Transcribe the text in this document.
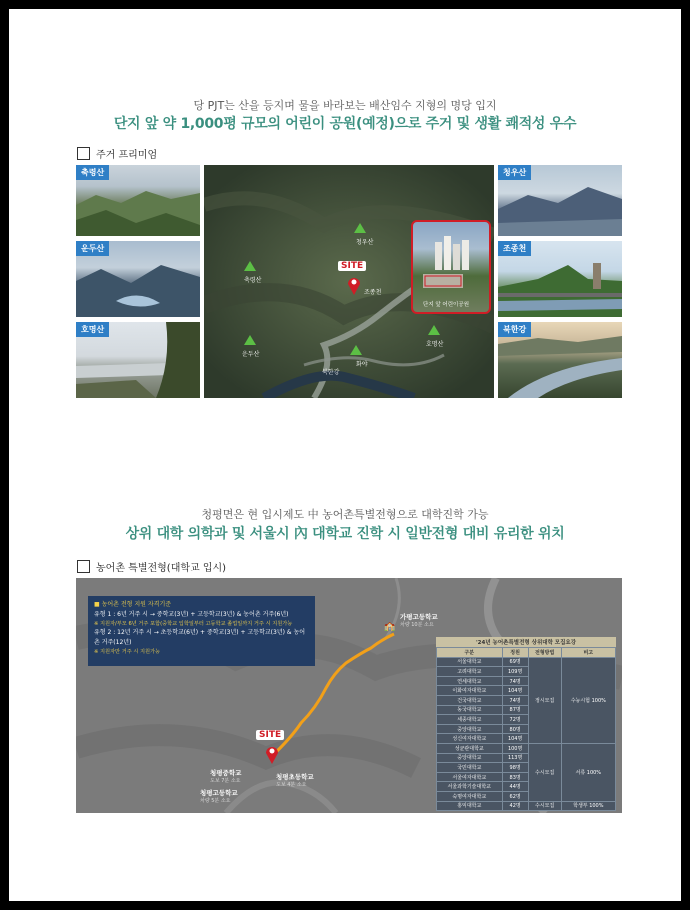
당 PJT는 산을 등지며 물을 바라보는 배산임수 지형의 명당 입지
단지 앞 약 1,000평 규모의 어린이 공원(예정)으로 주거 및 생활 쾌적성 우수
주거 프리미엄
축령산
운두산
호명산
청우산
조종천
북한강
청우산
축령산
운두산
호명산
화야
조종천
북한강
SITE
단지 앞 어린이공원
청평면은 현 입시제도 中 농어촌특별전형으로 대학진학 가능
상위 대학 의학과 및 서울시 內 대학교 진학 시 일반전형 대비 유리한 위치
농어촌 특별전형(대학교 입시)
■ 농어촌 전형 지원 자격기준
유형 1 : 6년 거주 시 → 중학교(3년) + 고등학교(3년) & 농어촌 거주(6년)
※ 지원자/부모 6년 거주 포함(중학교 입학일부터 고등학교 졸업일까지 거주 시 지원가능
유형 2 : 12년 거주 시 → 초등학교(6년) + 중학교(3년) + 고등학교(3년) & 농어촌 거주(12년)
※ 지원자만 거주 시 지원가능
🏫
가평고등학교
차량 10분 소요
청평중학교
도보 7분 소요	청평초등학교
도보 4분 소요
청평고등학교
차량 5분 소요
SITE
'24년 농어촌특별전형 상위대학 모집요강
구분	정원	전형방법	비고
서울대학교	69명	정시모집	수능시험 100%
고려대학교	109명		
연세대학교	74명		
이화여자대학교	104명		
건국대학교	74명		
동국대학교	87명		
세종대학교	72명		
중앙대학교	80명		
성신여자대학교	104명		
성균관대학교	100명	수시모집	서류 100%
중앙대학교	113명		
국민대학교	98명		
서울여자대학교	83명		
서울과학기술대학교	44명		
숙명여자대학교	62명		
홍익대학교	42명	수시모집	학생부 100%
